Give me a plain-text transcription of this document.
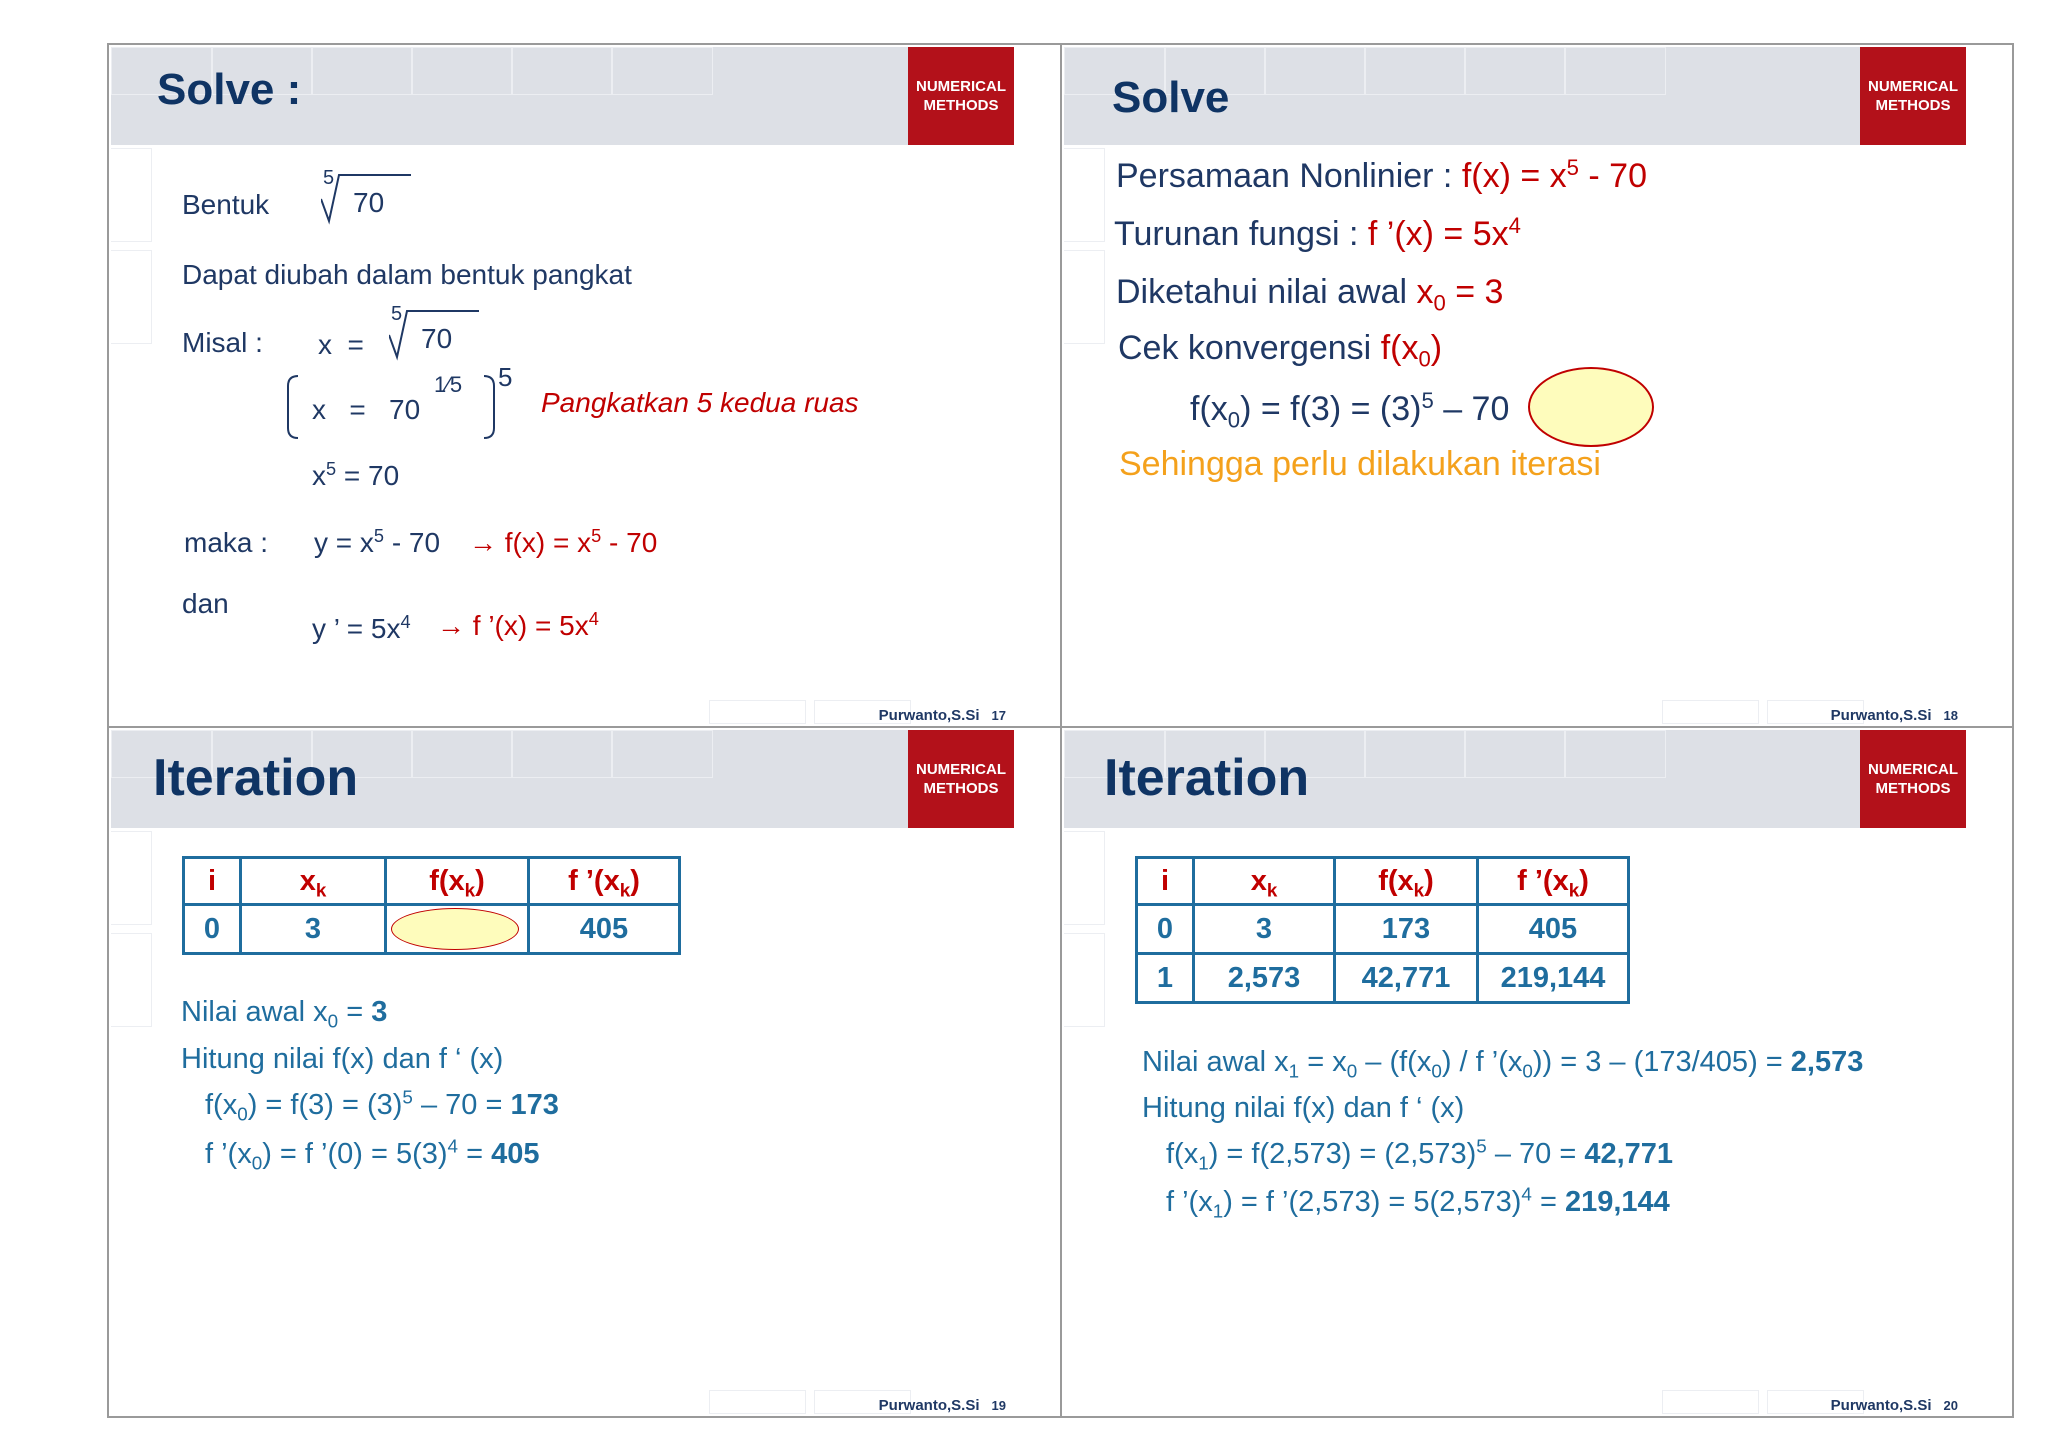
Solve :	NUMERICAL
METHODS
Bentuk
5
70
Dapat diubah dalam bentuk pangkat
Misal : x  =
5
70
x   =   70
1⁄5 5
Pangkatkan 5 kedua ruas
$x^5 = 70$
maka : $y = x^5 - 70 \to f(x) = x^5 - 70$
dan
y ’ = $5x^4 \to f$ ’(x) = $5x^4$
Purwanto,S.Si 17
Solve	NUMERICAL
METHODS
Persamaan Nonlinier : $f(x) = x^5 - 70$
Turunan fungsi : f ’(x) = $5x^4$
Diketahui nilai awal $x_0 = 3$
Cek konvergensi $f(x_0)$
$f(x_0) = f(3) = (3)^5 - 70$
Sehingga perlu dilakukan iterasi
Purwanto,S.Si 18
Iteration	NUMERICAL
METHODS
i	$x_k$	$f(x_k)$	f $’(x_k)$
0	3		405
Nilai awal $x_0 = 3$
Hitung nilai f(x) dan f ‘ (x)
$f(x_0) = f(3) = (3)^5 - 70 = 173$
f $’(x_0) = f$ ’(0) = $5(3)^4 = 405$
Purwanto,S.Si 19
Iteration	NUMERICAL
METHODS
i	$x_k$	$f(x_k)$	f $’(x_k)$
0	3	173	405
1	2,573	42,771	219,144
Nilai awal $x_1 = x_0 - (f(x_0) / f$ $’(x_0)) = 3 - (173/405) = 2,573$
Hitung nilai f(x) dan f ‘ (x)
$f(x_1) = f(2,573) = (2,573)^5 - 70 = 42,771$
f $’(x_1) = f$ ’(2,573) = $5(2,573)^4 = 219,144$
Purwanto,S.Si 20
